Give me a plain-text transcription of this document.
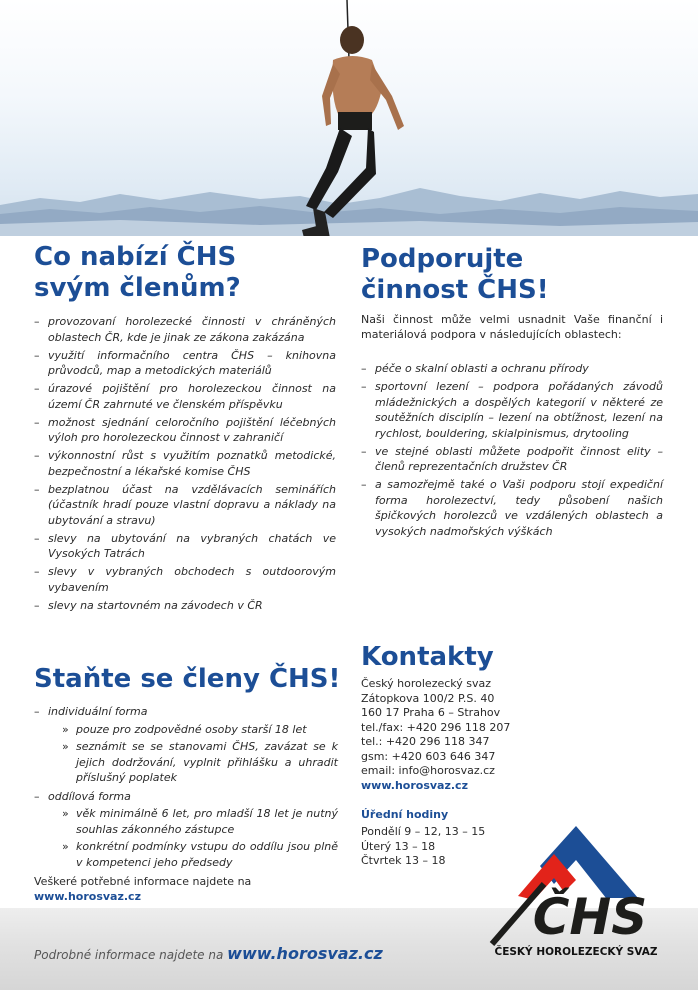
Co nabízí ČHS
svým členům?
– provozovaní horolezecké činnosti v chráněných oblastech ČR, kde je jinak ze zákona zakázána
– využití informačního centra ČHS – knihovna průvodců, map a metodických materiálů
– úrazové pojištění pro horolezeckou činnost na území ČR zahrnuté ve členském příspěvku
– možnost sjednání celoročního pojištění léčebných výloh pro horolezeckou činnost v zahraničí
– výkonnostní růst s využitím poznatků metodické, bezpečnostní a lékařské komise ČHS
– bezplatnou účast na vzdělávacích seminářích (účastník hradí pouze vlastní dopravu a náklady na ubytování a stravu)
– slevy na ubytování na vybraných chatách ve Vysokých Tatrách
– slevy v vybraných obchodech s outdoorovým vybavením
– slevy na startovném na závodech v ČR
Staňte se členy ČHS!
– individuální forma
» pouze pro zodpovědné osoby starší 18 let
» seznámit se se stanovami ČHS, zavázat se k jejich dodržování, vyplnit přihlášku a uhradit příslušný poplatek
– oddílová forma
» věk minimálně 6 let, pro mladší 18 let je nutný souhlas zákonného zástupce
» konkrétní podmínky vstupu do oddílu jsou plně v kompetenci jeho předsedy

Veškeré potřebné informace najdete na
www.horosvaz.cz

Podporujte
činnost ČHS!

Naši činnost může velmi usnadnit Vaše finanční i materiálová podpora v následujících oblastech:

– péče o skalní oblasti a ochranu přírody
– sportovní lezení – podpora pořádaných závodů mládežnických a dospělých kategorií v některé ze soutěžních disciplín – lezení na obtížnost, lezení na rychlost, bouldering, skialpinismus, drytooling
– ve stejné oblasti můžete podpořit činnost elity – členů reprezentačních družstev ČR
– a samozřejmě také o Vaši podporu stojí expediční forma horolezectví, tedy působení našich špičkových horolezců ve vzdálených oblastech a vysokých nadmořských výškách
Kontakty

Český horolezecký svaz
Zátopkova 100/2 P.S. 40
160 17 Praha 6 – Strahov
tel./fax: +420 296 118 207
tel.: +420 296 118 347
gsm: +420 603 646 347
email: info@horosvaz.cz
www.horosvaz.cz

Úřední hodiny

Pondělí 9 – 12, 13 – 15
Úterý 13 – 18
Čtvrtek 13 – 18

Podrobné informace najdete na www.horosvaz.cz
ČHS
ČESKÝ HOROLEZECKÝ SVAZ
